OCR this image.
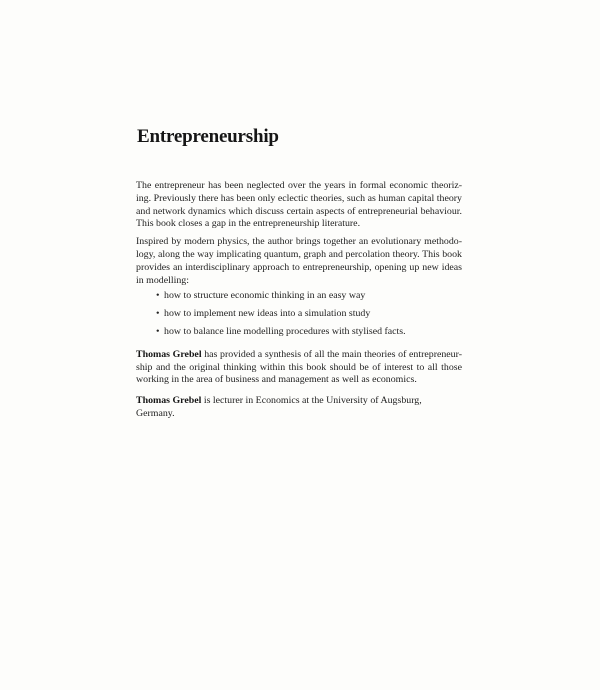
Entrepreneurship
The entrepreneur has been neglected over the years in formal economic theoriz-
ing. Previously there has been only eclectic theories, such as human capital theory
and network dynamics which discuss certain aspects of entrepreneurial behaviour.
This book closes a gap in the entrepreneurship literature.
Inspired by modern physics, the author brings together an evolutionary methodo-
logy, along the way implicating quantum, graph and percolation theory. This book
provides an interdisciplinary approach to entrepreneurship, opening up new ideas
in modelling:
• how to structure economic thinking in an easy way
• how to implement new ideas into a simulation study
• how to balance line modelling procedures with stylised facts.
Thomas Grebel has provided a synthesis of all the main theories of entrepreneur-
ship and the original thinking within this book should be of interest to all those
working in the area of business and management as well as economics.
Thomas Grebel is lecturer in Economics at the University of Augsburg,
Germany.
